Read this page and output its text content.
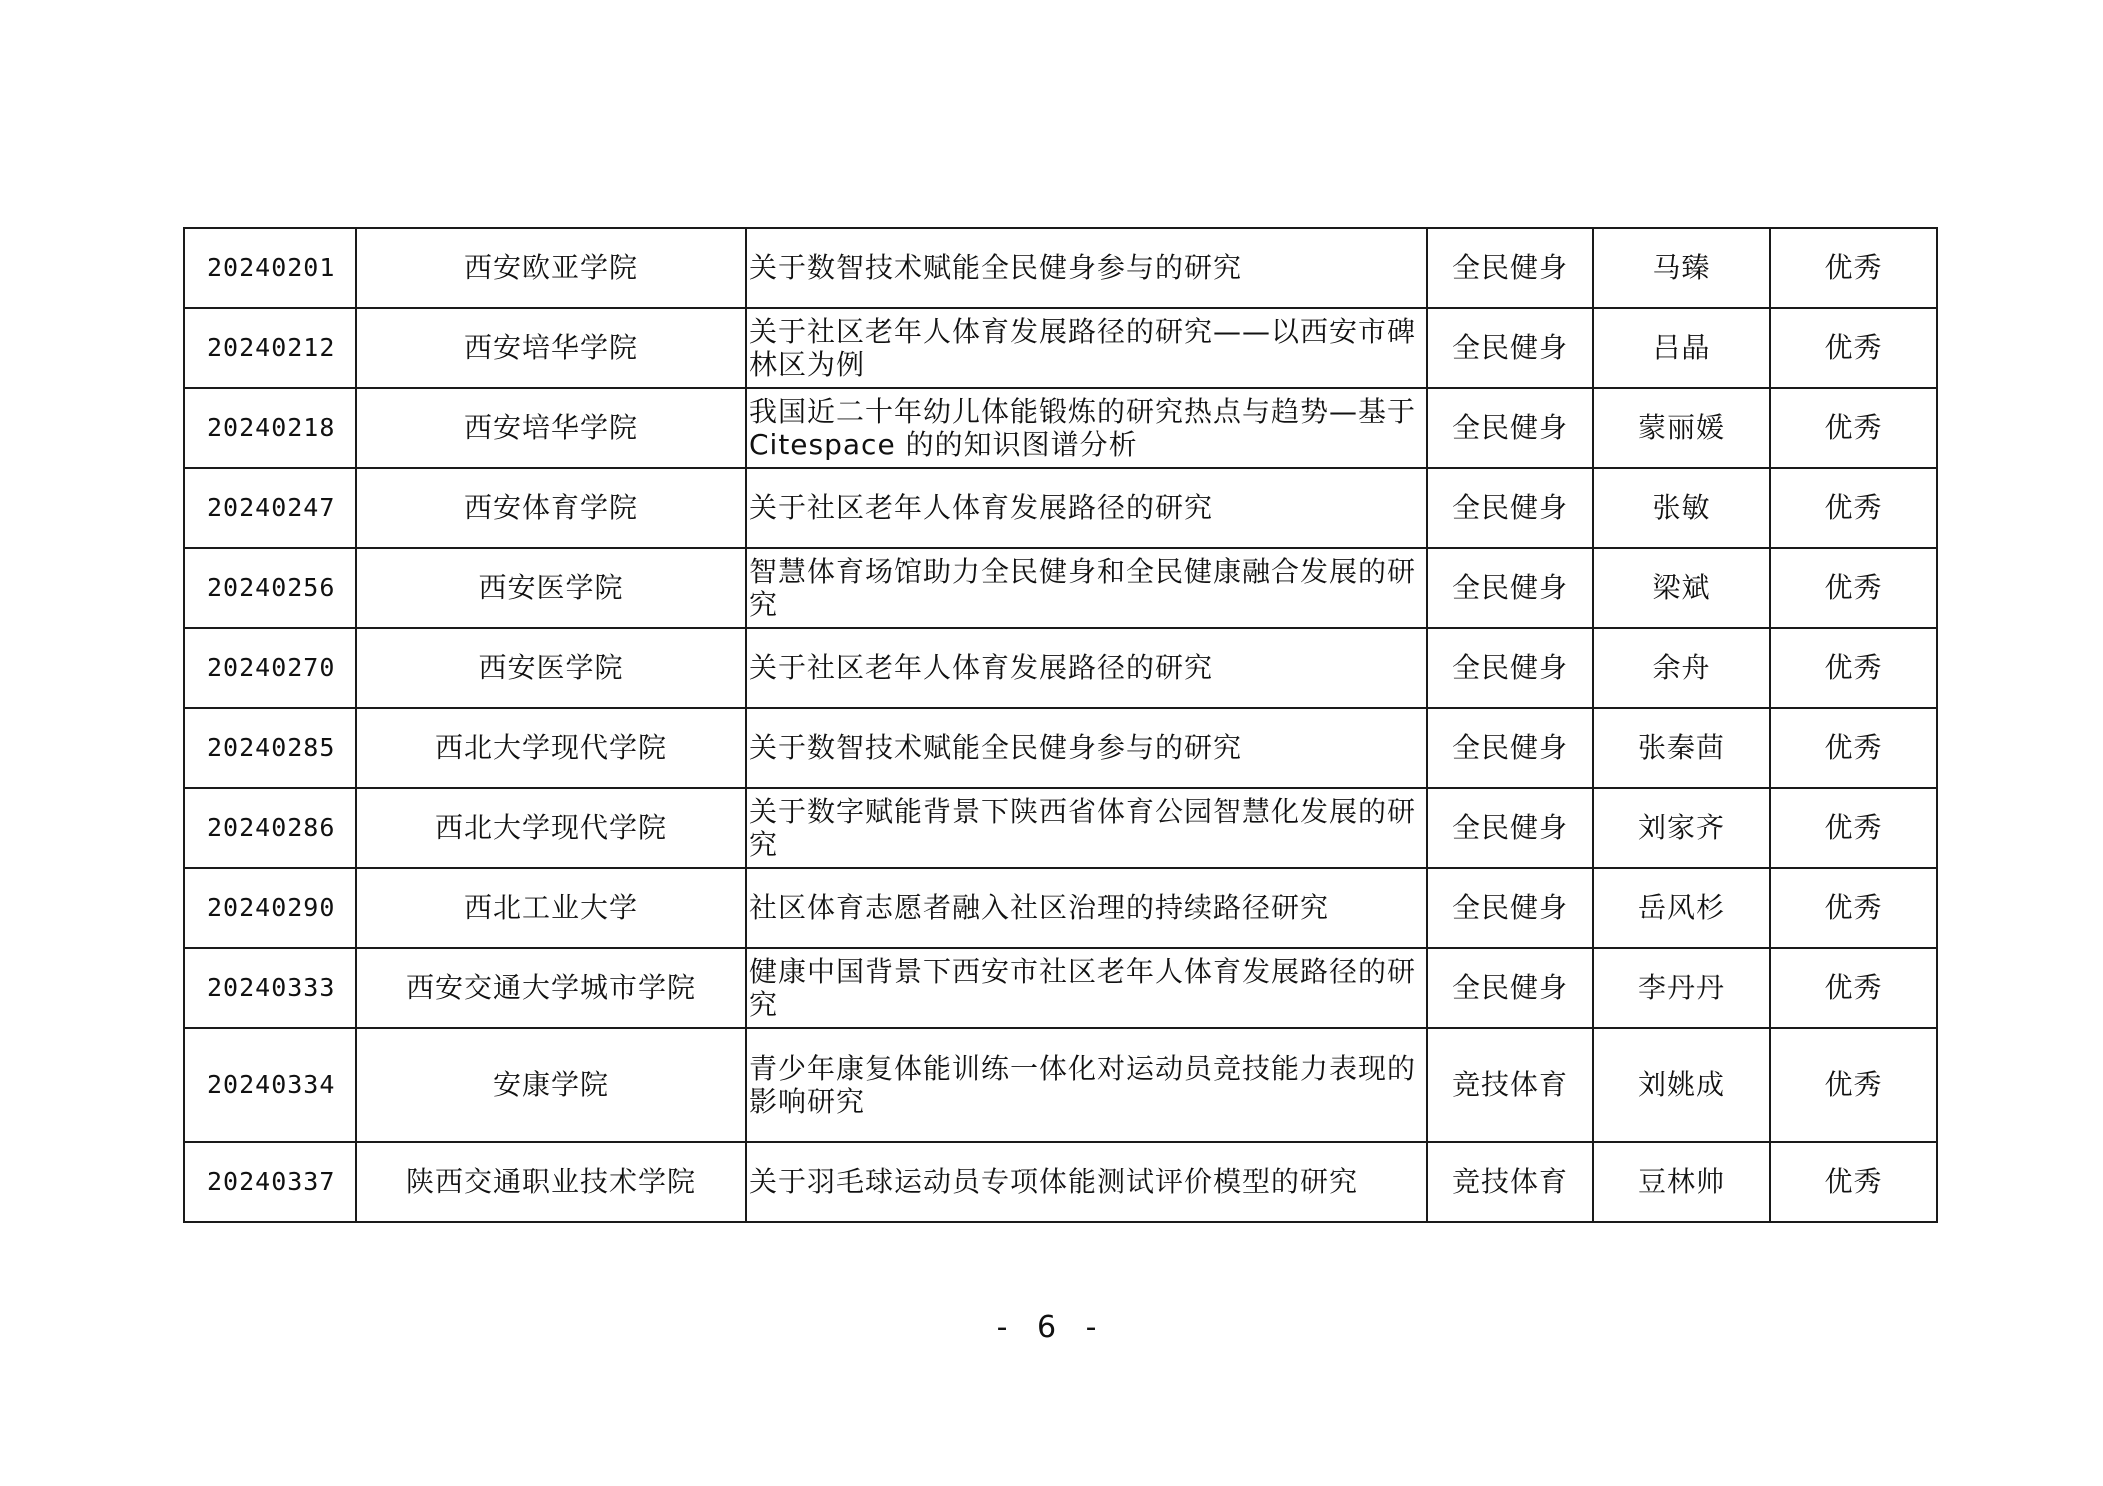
20240201	西安欧亚学院	关于数智技术赋能全民健身参与的研究	全民健身	马臻	优秀
20240212	西安培华学院	关于社区老年人体育发展路径的研究——以西安市碑林区为例	全民健身	吕晶	优秀
20240218	西安培华学院	我国近二十年幼儿体能锻炼的研究热点与趋势—基于 Citespace 的的知识图谱分析	全民健身	蒙丽媛	优秀
20240247	西安体育学院	关于社区老年人体育发展路径的研究	全民健身	张敏	优秀
20240256	西安医学院	智慧体育场馆助力全民健身和全民健康融合发展的研究	全民健身	梁斌	优秀
20240270	西安医学院	关于社区老年人体育发展路径的研究	全民健身	余舟	优秀
20240285	西北大学现代学院	关于数智技术赋能全民健身参与的研究	全民健身	张秦茴	优秀
20240286	西北大学现代学院	关于数字赋能背景下陕西省体育公园智慧化发展的研究	全民健身	刘家齐	优秀
20240290	西北工业大学	社区体育志愿者融入社区治理的持续路径研究	全民健身	岳风杉	优秀
20240333	西安交通大学城市学院	健康中国背景下西安市社区老年人体育发展路径的研究	全民健身	李丹丹	优秀
20240334	安康学院	青少年康复体能训练一体化对运动员竞技能力表现的影响研究	竞技体育	刘姚成	优秀
20240337	陕西交通职业技术学院	关于羽毛球运动员专项体能测试评价模型的研究	竞技体育	豆林帅	优秀
- 6 -
